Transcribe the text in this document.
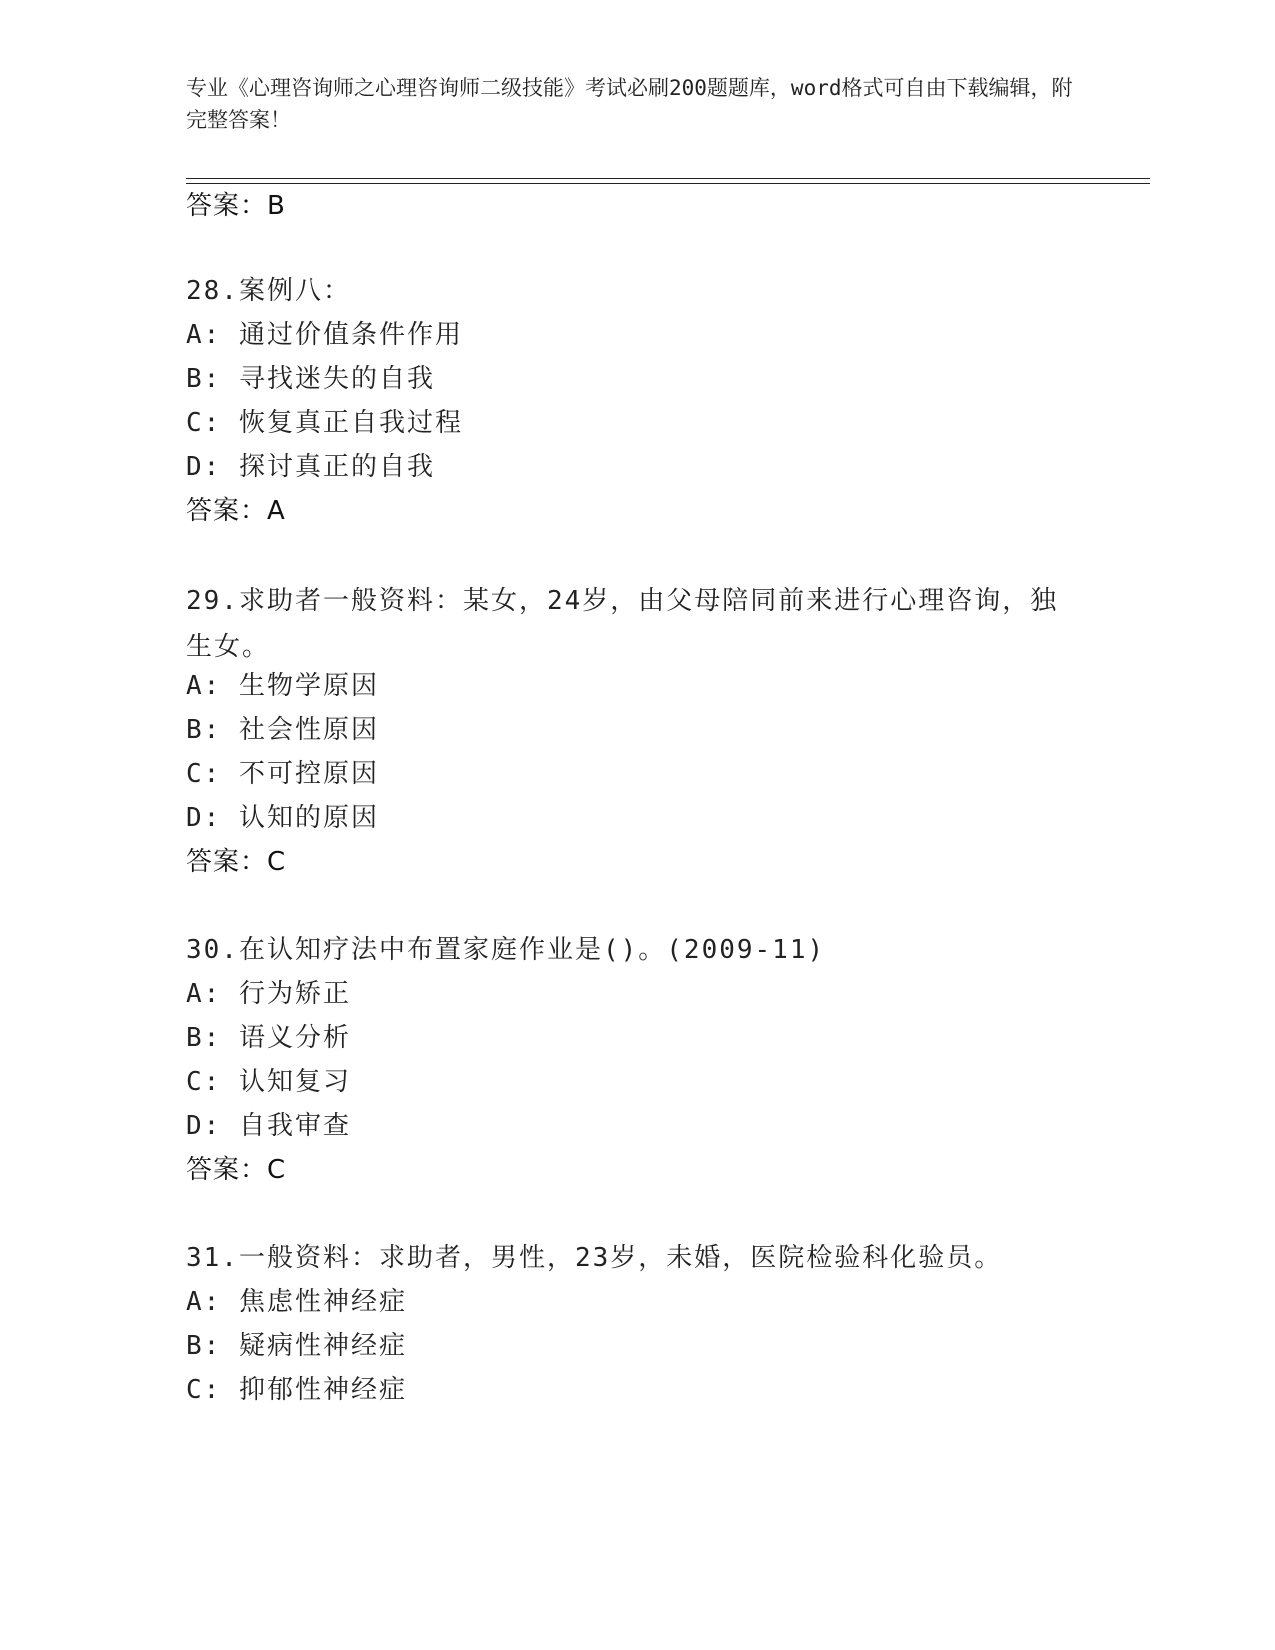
专业《心理咨询师之心理咨询师二级技能》考试必刷200题题库，word格式可自由下载编辑，附完整答案！
答案：B
28.案例八：
A: 通过价值条件作用
B: 寻找迷失的自我
C: 恢复真正自我过程
D: 探讨真正的自我
答案：A
29.求助者一般资料：某女，24岁，由父母陪同前来进行心理咨询，独生女。
A: 生物学原因
B: 社会性原因
C: 不可控原因
D: 认知的原因
答案：C
30.在认知疗法中布置家庭作业是()。(2009-11)
A: 行为矫正
B: 语义分析
C: 认知复习
D: 自我审查
答案：C
31.一般资料：求助者，男性，23岁，未婚，医院检验科化验员。
A: 焦虑性神经症
B: 疑病性神经症
C: 抑郁性神经症
